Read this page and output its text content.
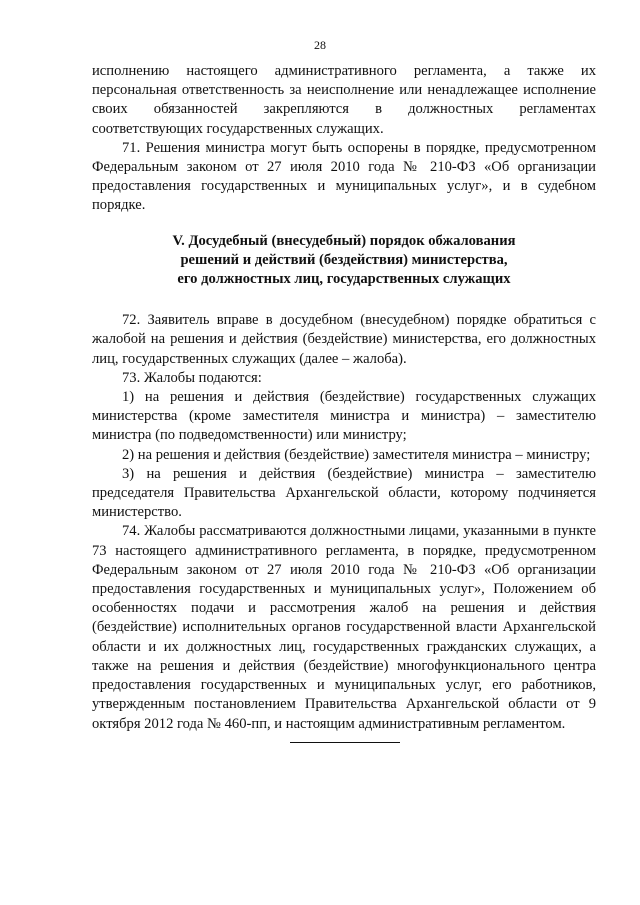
28

исполнению настоящего административного регламента, а также их персональная ответственность за неисполнение или ненадлежащее исполнение своих обязанностей закрепляются в должностных регламентах соответствующих государственных служащих.

71. Решения министра могут быть оспорены в порядке, предусмотренном Федеральным законом от 27 июля 2010 года № 210-ФЗ «Об организации предоставления государственных и муниципальных услуг», и в судебном порядке.

V. Досудебный (внесудебный) порядок обжалования
решений и действий (бездействия) министерства,
его должностных лиц, государственных служащих

72. Заявитель вправе в досудебном (внесудебном) порядке обратиться с жалобой на решения и действия (бездействие) министерства, его должностных лиц, государственных служащих (далее – жалоба).

73. Жалобы подаются:

1) на решения и действия (бездействие) государственных служащих министерства (кроме заместителя министра и министра) – заместителю министра (по подведомственности) или министру;

2) на решения и действия (бездействие) заместителя министра – министру;

3) на решения и действия (бездействие) министра – заместителю председателя Правительства Архангельской области, которому подчиняется министерство.

74. Жалобы рассматриваются должностными лицами, указанными в пункте 73 настоящего административного регламента, в порядке, предусмотренном Федеральным законом от 27 июля 2010 года № 210-ФЗ «Об организации предоставления государственных и муниципальных услуг», Положением об особенностях подачи и рассмотрения жалоб на решения и действия (бездействие) исполнительных органов государственной власти Архангельской области и их должностных лиц, государственных гражданских служащих, а также на решения и действия (бездействие) многофункционального центра предоставления государственных и муниципальных услуг, его работников, утвержденным постановлением Правительства Архангельской области от 9 октября 2012 года № 460-пп, и настоящим административным регламентом.
